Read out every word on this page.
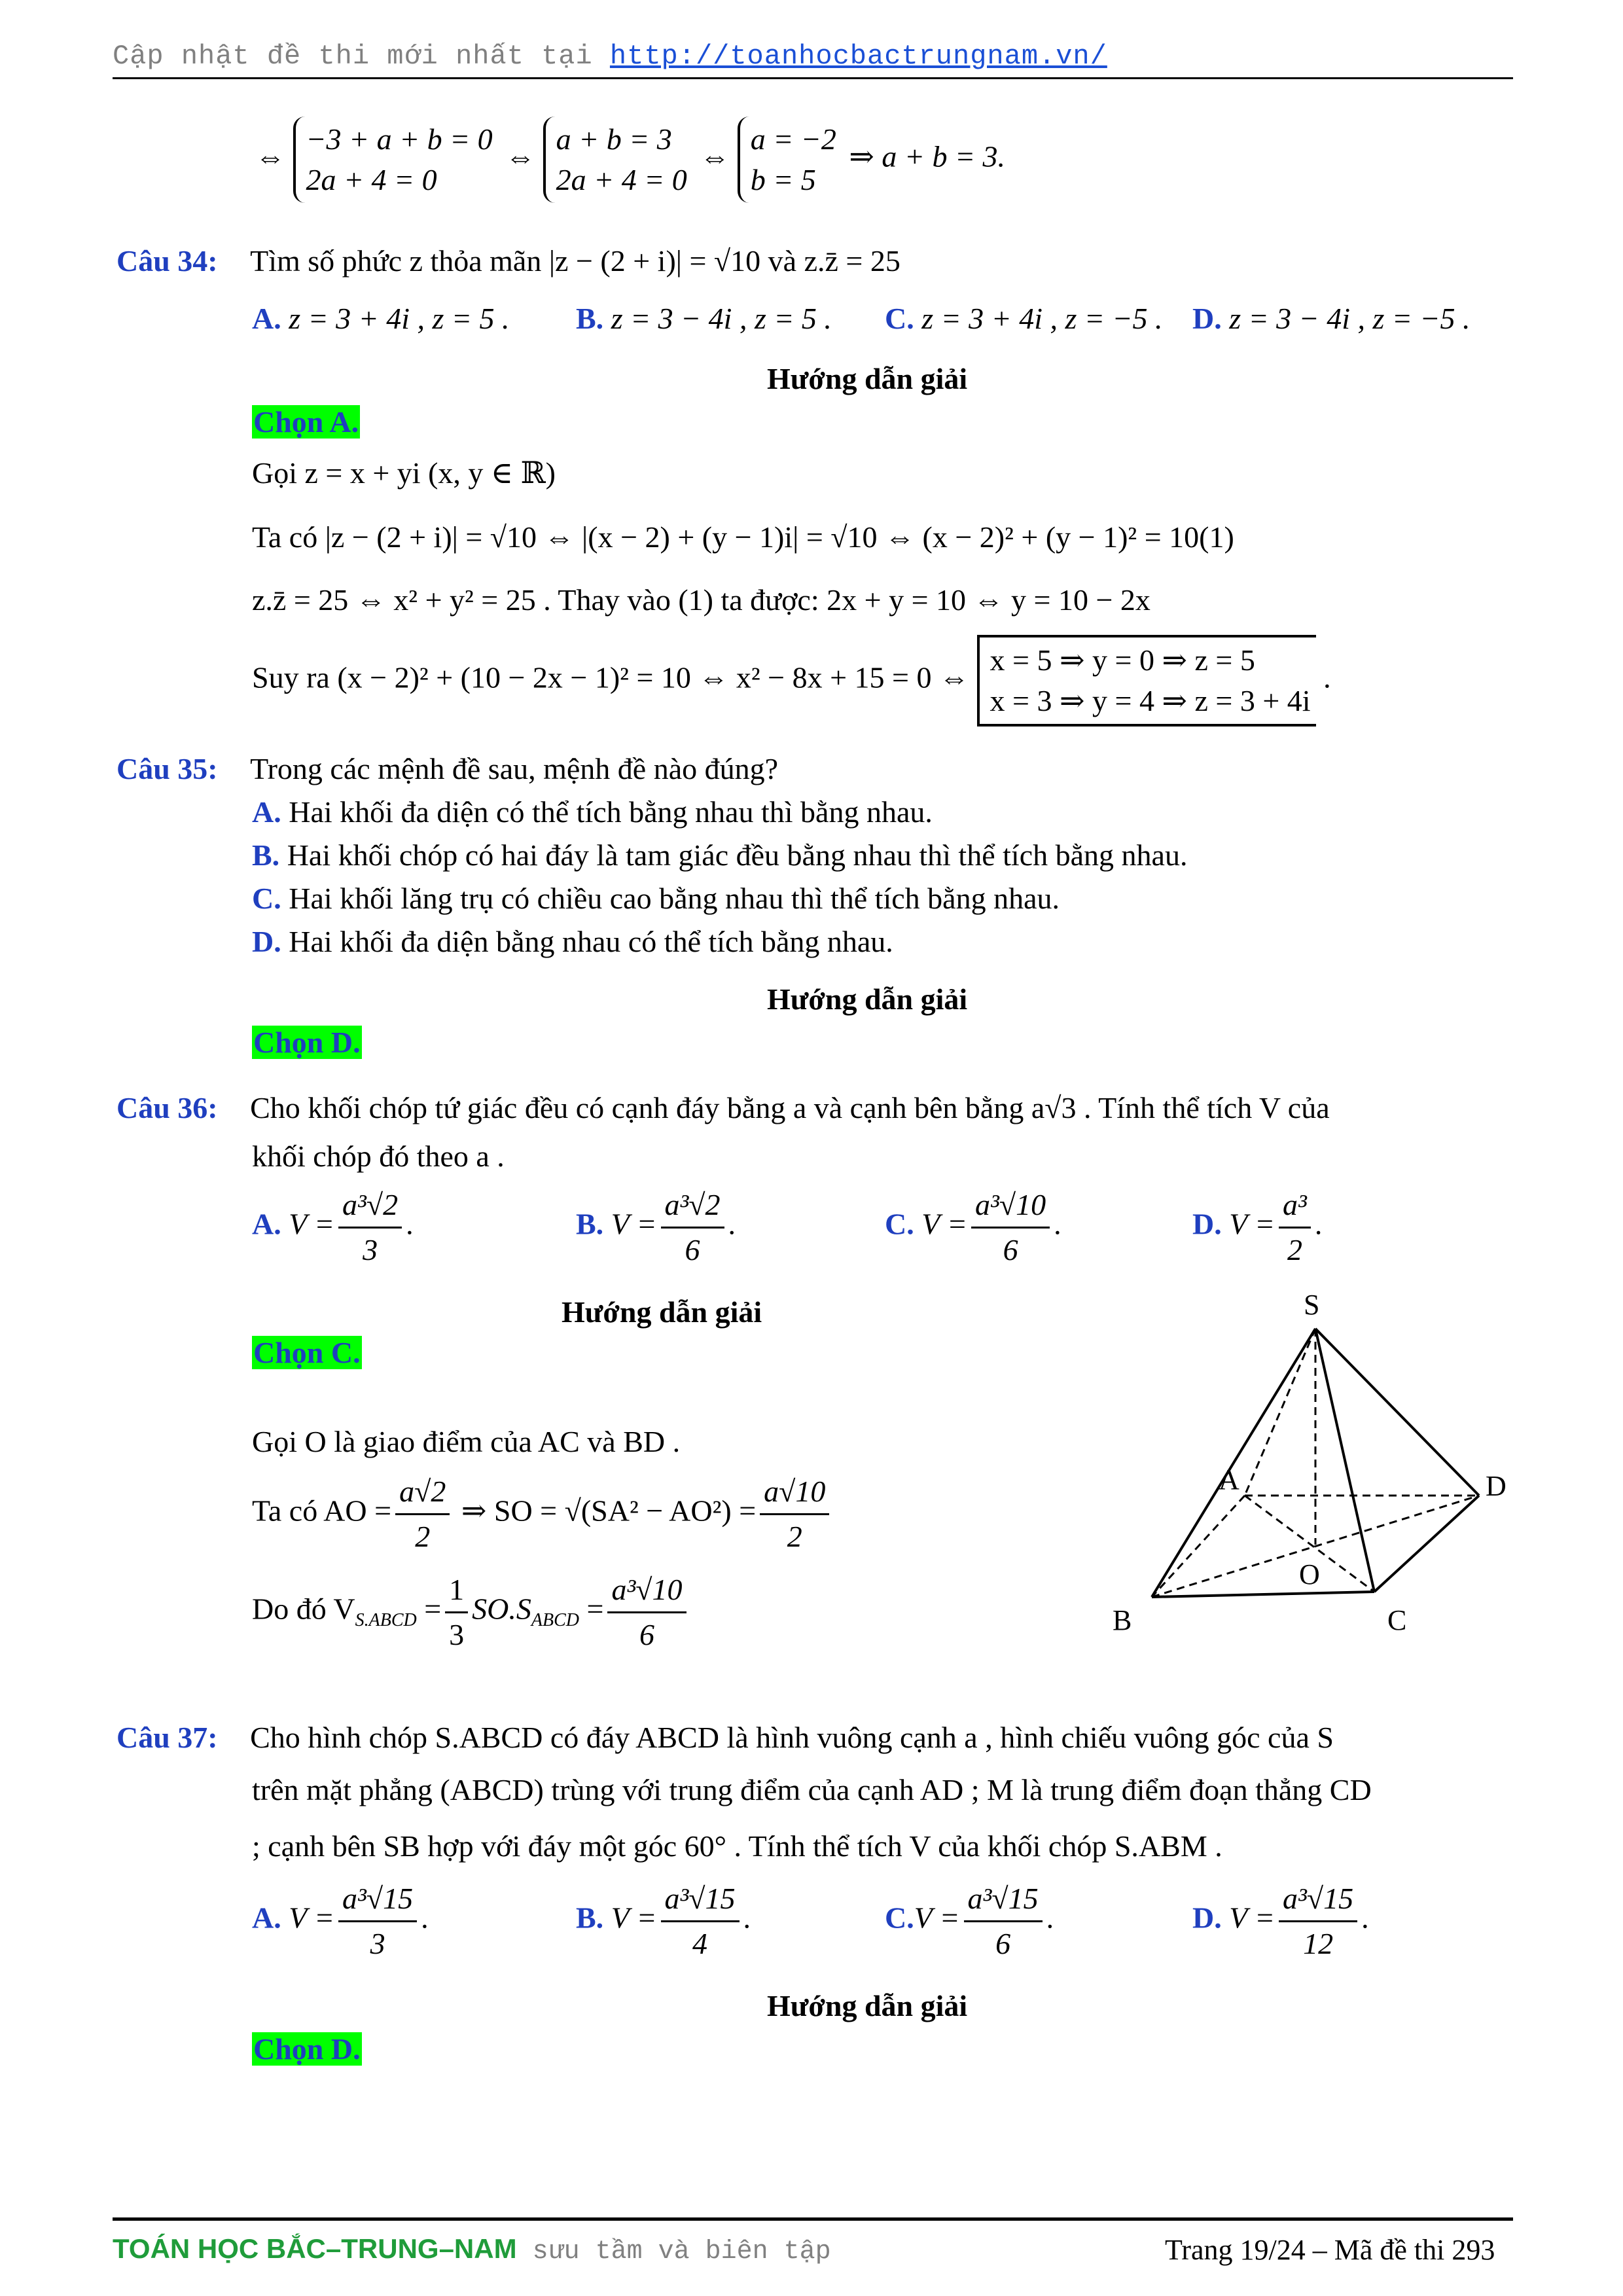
Cập nhật đề thi mới nhất tại http://toanhocbactrungnam.vn/
⇔
−3 + a + b = 0
2a + 4 = 0
⇔
a + b = 3
2a + 4 = 0
⇔
a = −2
b = 5
⇒ a + b = 3.
Câu 34: Tìm số phức z thỏa mãn |z − (2 + i)| = √10 và z.z̄ = 25
A. z = 3 + 4i , z = 5 . B. z = 3 − 4i , z = 5 . C. z = 3 + 4i , z = −5 . D. z = 3 − 4i , z = −5 .
Hướng dẫn giải
Chọn A.
Gọi z = x + yi (x, y ∈ ℝ)
Ta có |z − (2 + i)| = √10 ⇔ |(x − 2) + (y − 1)i| = √10 ⇔ (x − 2)² + (y − 1)² = 10(1)
z.z̄ = 25 ⇔ x² + y² = 25 . Thay vào (1) ta được: 2x + y = 10 ⇔ y = 10 − 2x
Suy ra (x − 2)² + (10 − 2x − 1)² = 10 ⇔ x² − 8x + 15 = 0 ⇔
x = 5 ⇒ y = 0 ⇒ z = 5
x = 3 ⇒ y = 4 ⇒ z = 3 + 4i
.
Câu 35: Trong các mệnh đề sau, mệnh đề nào đúng?
A. Hai khối đa diện có thể tích bằng nhau thì bằng nhau.
B. Hai khối chóp có hai đáy là tam giác đều bằng nhau thì thể tích bằng nhau.
C. Hai khối lăng trụ có chiều cao bằng nhau thì thể tích bằng nhau.
D. Hai khối đa diện bằng nhau có thể tích bằng nhau.
Hướng dẫn giải
Chọn D.
Câu 36: Cho khối chóp tứ giác đều có cạnh đáy bằng a và cạnh bên bằng a√3 . Tính thể tích V của
khối chóp đó theo a .
A. $V = \frac{\text{a³√2}}{3}$ .	B. $V = \frac{\text{a³√2}}{6}$ .	C. $V = \frac{\text{a³√10}}{6}$ .	D. $V = \frac{\text{a³}}{2}$ .
Hướng dẫn giải
Chọn C.
Gọi O là giao điểm của AC và BD .
Ta có AO = $\frac{a√2}{2}$ ⇒ SO = $√(SA^2 - AO^2) = \frac{a√10}{2}$
Do đó $V_{S.ABCD} = \frac{1}{3} SO.S_{ABCD} = \frac{\text{a³√10}}{6}$
S
A
B	C
D
O
Câu 37: Cho hình chóp S.ABCD có đáy ABCD là hình vuông cạnh a , hình chiếu vuông góc của S
trên mặt phẳng (ABCD) trùng với trung điểm của cạnh AD ; M là trung điểm đoạn thẳng CD
; cạnh bên SB hợp với đáy một góc 60° . Tính thể tích V của khối chóp S.ABM .
A. $V = \frac{\text{a³√15}}{3}$ .	B. $V = \frac{\text{a³√15}}{4}$ .	$C.V = \frac{\text{a³√15}}{6}$ .	D. $V = \frac{\text{a³√15}}{12}$ .
Hướng dẫn giải
Chọn D.
TOÁN HỌC BẮC–TRUNG–NAM sưu tầm và biên tập	Trang 19/24 – Mã đề thi 293
